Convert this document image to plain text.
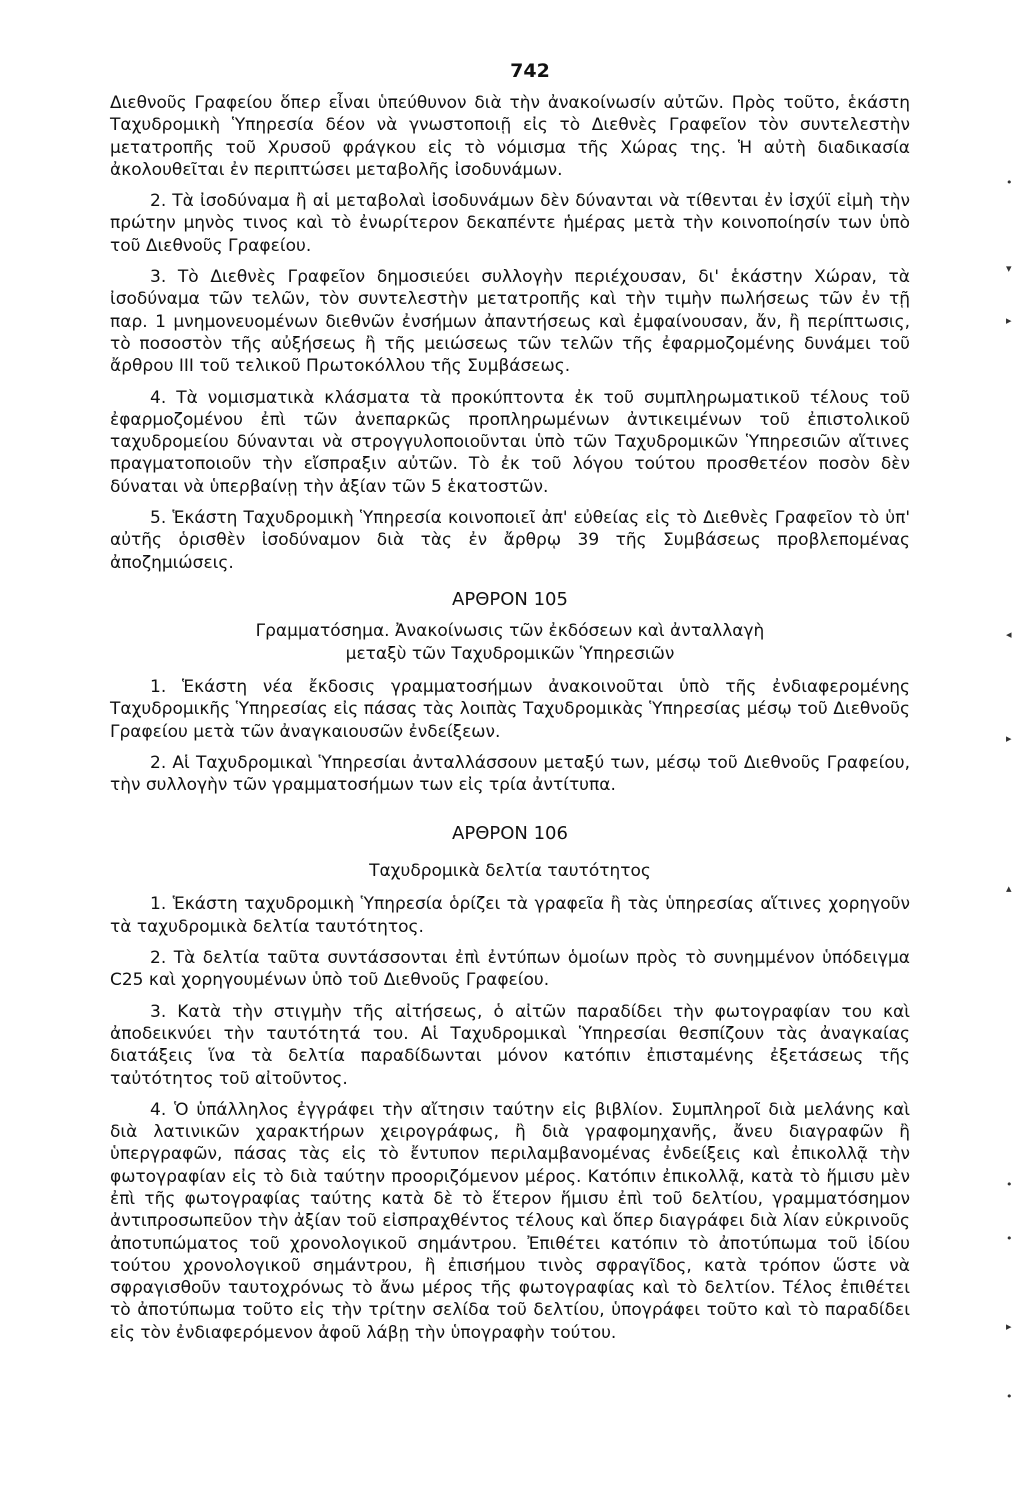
742

Διεθνοῦς Γραφείου ὅπερ εἶναι ὑπεύθυνον διὰ τὴν ἀνακοίνωσίν αὐτῶν. Πρὸς τοῦτο, ἑκάστη Ταχυδρομικὴ Ὑπηρεσία δέον νὰ γνωστοποιῇ εἰς τὸ Διεθνὲς Γραφεῖον τὸν συντελεστὴν μετατροπῆς τοῦ Χρυσοῦ φράγκου εἰς τὸ νόμισμα τῆς Χώρας της. Ἡ αὐτὴ διαδικασία ἀκολουθεῖται ἐν περιπτώσει μεταβολῆς ἰσοδυνάμων.

2. Τὰ ἰσοδύναμα ἢ αἱ μεταβολαὶ ἰσοδυνάμων δὲν δύνανται νὰ τίθενται ἐν ἰσχύϊ εἰμὴ τὴν πρώτην μηνὸς τινος καὶ τὸ ἐνωρίτερον δεκαπέντε ἡμέρας μετὰ τὴν κοινοποίησίν των ὑπὸ τοῦ Διεθνοῦς Γραφείου.

3. Τὸ Διεθνὲς Γραφεῖον δημοσιεύει συλλογὴν περιέχουσαν, δι' ἑκάστην Χώραν, τὰ ἰσοδύναμα τῶν τελῶν, τὸν συντελεστὴν μετατροπῆς καὶ τὴν τιμὴν πωλήσεως τῶν ἐν τῇ παρ. 1 μνημονευομένων διεθνῶν ἐνσήμων ἀπαντήσεως καὶ ἐμφαίνουσαν, ἄν, ἢ περίπτωσις, τὸ ποσοστὸν τῆς αὐξήσεως ἢ τῆς μειώσεως τῶν τελῶν τῆς ἐφαρμοζομένης δυνάμει τοῦ ἄρθρου III τοῦ τελικοῦ Πρωτοκόλλου τῆς Συμβάσεως.

4. Τὰ νομισματικὰ κλάσματα τὰ προκύπτοντα ἐκ τοῦ συμπληρωματικοῦ τέλους τοῦ ἐφαρμοζομένου ἐπὶ τῶν ἀνεπαρκῶς προπληρωμένων ἀντικειμένων τοῦ ἐπιστολικοῦ ταχυδρομείου δύνανται νὰ στρογγυλοποιοῦνται ὑπὸ τῶν Ταχυδρομικῶν Ὑπηρεσιῶν αἵτινες πραγματοποιοῦν τὴν εἴσπραξιν αὐτῶν. Τὸ ἐκ τοῦ λόγου τούτου προσθετέον ποσὸν δὲν δύναται νὰ ὑπερβαίνῃ τὴν ἀξίαν τῶν 5 ἑκατοστῶν.

5. Ἑκάστη Ταχυδρομικὴ Ὑπηρεσία κοινοποιεῖ ἀπ' εὐθείας εἰς τὸ Διεθνὲς Γραφεῖον τὸ ὑπ' αὐτῆς ὁρισθὲν ἰσοδύναμον διὰ τὰς ἐν ἄρθρῳ 39 τῆς Συμβάσεως προβλεπομένας ἀποζημιώσεις.

ΑΡΘΡΟΝ 105
Γραμματόσημα. Ἀνακοίνωσις τῶν ἐκδόσεων καὶ ἀνταλλαγὴ
μεταξὺ τῶν Ταχυδρομικῶν Ὑπηρεσιῶν

1. Ἑκάστη νέα ἔκδοσις γραμματοσήμων ἀνακοινοῦται ὑπὸ τῆς ἐνδιαφερομένης Ταχυδρομικῆς Ὑπηρεσίας εἰς πάσας τὰς λοιπὰς Ταχυδρομικὰς Ὑπηρεσίας μέσῳ τοῦ Διεθνοῦς Γραφείου μετὰ τῶν ἀναγκαιουσῶν ἐνδείξεων.

2. Αἱ Ταχυδρομικαὶ Ὑπηρεσίαι ἀνταλλάσσουν μεταξύ των, μέσῳ τοῦ Διεθνοῦς Γραφείου, τὴν συλλογὴν τῶν γραμματοσήμων των εἰς τρία ἀντίτυπα.

ΑΡΘΡΟΝ 106
Ταχυδρομικὰ δελτία ταυτότητος

1. Ἑκάστη ταχυδρομικὴ Ὑπηρεσία ὁρίζει τὰ γραφεῖα ἢ τὰς ὑπηρεσίας αἵτινες χορηγοῦν τὰ ταχυδρομικὰ δελτία ταυτότητος.

2. Τὰ δελτία ταῦτα συντάσσονται ἐπὶ ἐντύπων ὁμοίων πρὸς τὸ συνημμένον ὑπόδειγμα C25 καὶ χορηγουμένων ὑπὸ τοῦ Διεθνοῦς Γραφείου.

3. Κατὰ τὴν στιγμὴν τῆς αἰτήσεως, ὁ αἰτῶν παραδίδει τὴν φωτογραφίαν του καὶ ἀποδεικνύει τὴν ταυτότητά του. Αἱ Ταχυδρομικαὶ Ὑπηρεσίαι θεσπίζουν τὰς ἀναγκαίας διατάξεις ἵνα τὰ δελτία παραδίδωνται μόνον κατόπιν ἐπισταμένης ἐξετάσεως τῆς ταὐτότητος τοῦ αἰτοῦντος.

4. Ὁ ὑπάλληλος ἐγγράφει τὴν αἴτησιν ταύτην εἰς βιβλίον. Συμπληροῖ διὰ μελάνης καὶ διὰ λατινικῶν χαρακτήρων χειρογράφως, ἢ διὰ γραφομηχανῆς, ἄνευ διαγραφῶν ἢ ὑπεργραφῶν, πάσας τὰς εἰς τὸ ἔντυπον περιλαμβανομένας ἐνδείξεις καὶ ἐπικολλᾷ τὴν φωτογραφίαν εἰς τὸ διὰ ταύτην προοριζόμενον μέρος. Κατόπιν ἐπικολλᾷ, κατὰ τὸ ἥμισυ μὲν ἐπὶ τῆς φωτογραφίας ταύτης κατὰ δὲ τὸ ἕτερον ἥμισυ ἐπὶ τοῦ δελτίου, γραμματόσημον ἀντιπροσωπεῦον τὴν ἀξίαν τοῦ εἰσπραχθέντος τέλους καὶ ὅπερ διαγράφει διὰ λίαν εὐκρινοῦς ἀποτυπώματος τοῦ χρονολογικοῦ σημάντρου. Ἐπιθέτει κατόπιν τὸ ἀποτύπωμα τοῦ ἰδίου τούτου χρονολογικοῦ σημάντρου, ἢ ἐπισήμου τινὸς σφραγῖδος, κατὰ τρόπον ὥστε νὰ σφραγισθοῦν ταυτοχρόνως τὸ ἄνω μέρος τῆς φωτογραφίας καὶ τὸ δελτίον. Τέλος ἐπιθέτει τὸ ἀποτύπωμα τοῦτο εἰς τὴν τρίτην σελίδα τοῦ δελτίου, ὑπογράφει τοῦτο καὶ τὸ παραδίδει εἰς τὸν ἐνδιαφερόμενον ἀφοῦ λάβῃ τὴν ὑπογραφὴν τούτου.

•
▾
▸
◂
▸
▴
•
•
▸
•
